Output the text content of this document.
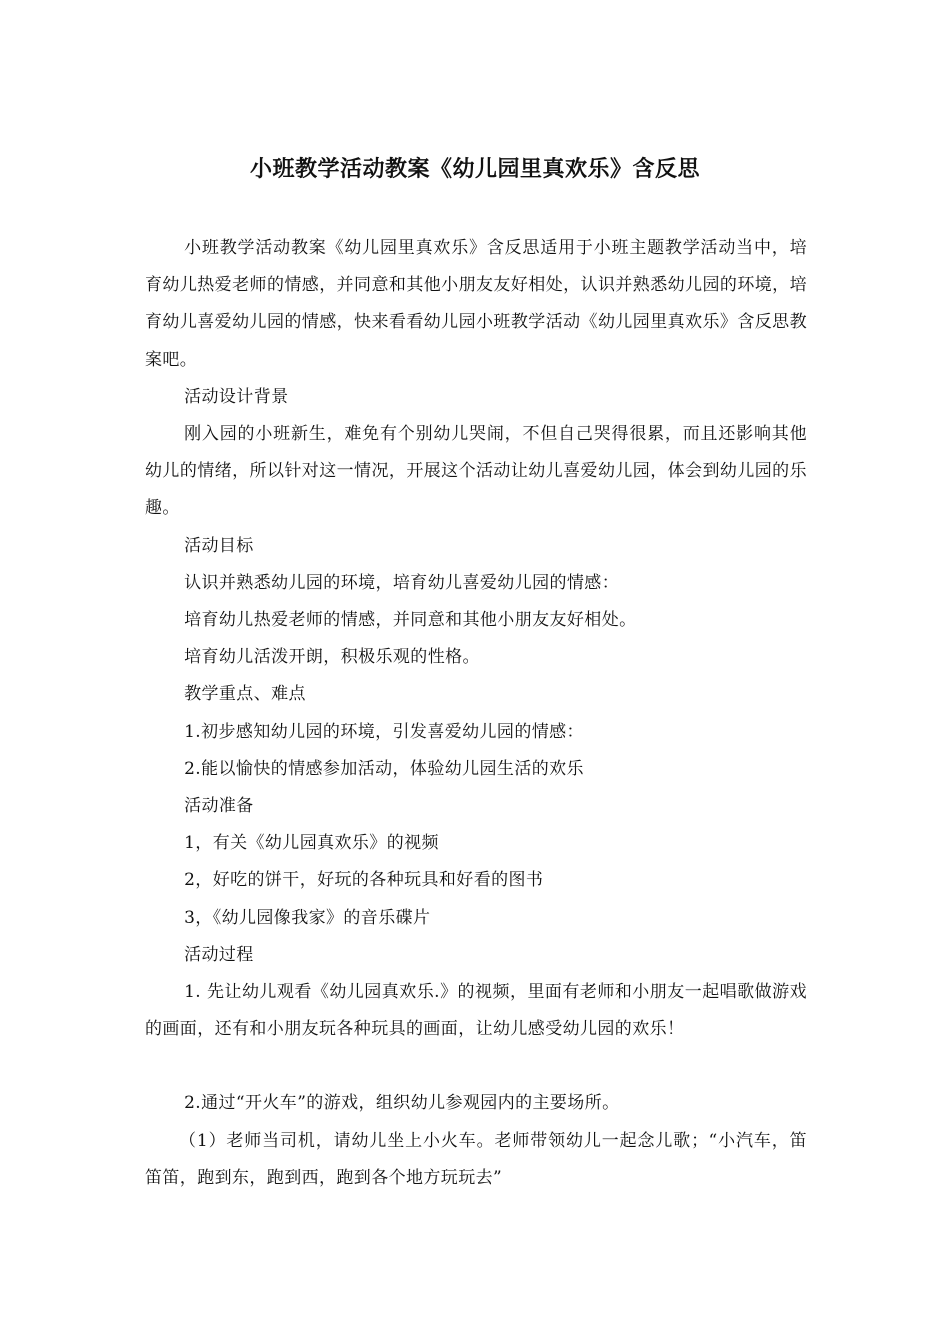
小班教学活动教案《幼儿园里真欢乐》含反思

小班教学活动教案《幼儿园里真欢乐》含反思适用于小班主题教学活动当中，培育幼儿热爱老师的情感，并同意和其他小朋友友好相处，认识并熟悉幼儿园的环境，培育幼儿喜爱幼儿园的情感，快来看看幼儿园小班教学活动《幼儿园里真欢乐》含反思教案吧。

活动设计背景

刚入园的小班新生，难免有个别幼儿哭闹，不但自己哭得很累，而且还影响其他幼儿的情绪，所以针对这一情况，开展这个活动让幼儿喜爱幼儿园，体会到幼儿园的乐趣。

活动目标

认识并熟悉幼儿园的环境，培育幼儿喜爱幼儿园的情感：

培育幼儿热爱老师的情感，并同意和其他小朋友友好相处。

培育幼儿活泼开朗，积极乐观的性格。

教学重点、难点

1.初步感知幼儿园的环境，引发喜爱幼儿园的情感：

2.能以愉快的情感参加活动，体验幼儿园生活的欢乐

活动准备

1，有关《幼儿园真欢乐》的视频

2，好吃的饼干，好玩的各种玩具和好看的图书

3，《幼儿园像我家》的音乐碟片

活动过程

1. 先让幼儿观看《幼儿园真欢乐.》的视频，里面有老师和小朋友一起唱歌做游戏的画面，还有和小朋友玩各种玩具的画面，让幼儿感受幼儿园的欢乐！

2.通过“开火车”的游戏，组织幼儿参观园内的主要场所。

（1）老师当司机，请幼儿坐上小火车。老师带领幼儿一起念儿歌；“小汽车，笛笛笛，跑到东，跑到西，跑到各个地方玩玩去”
